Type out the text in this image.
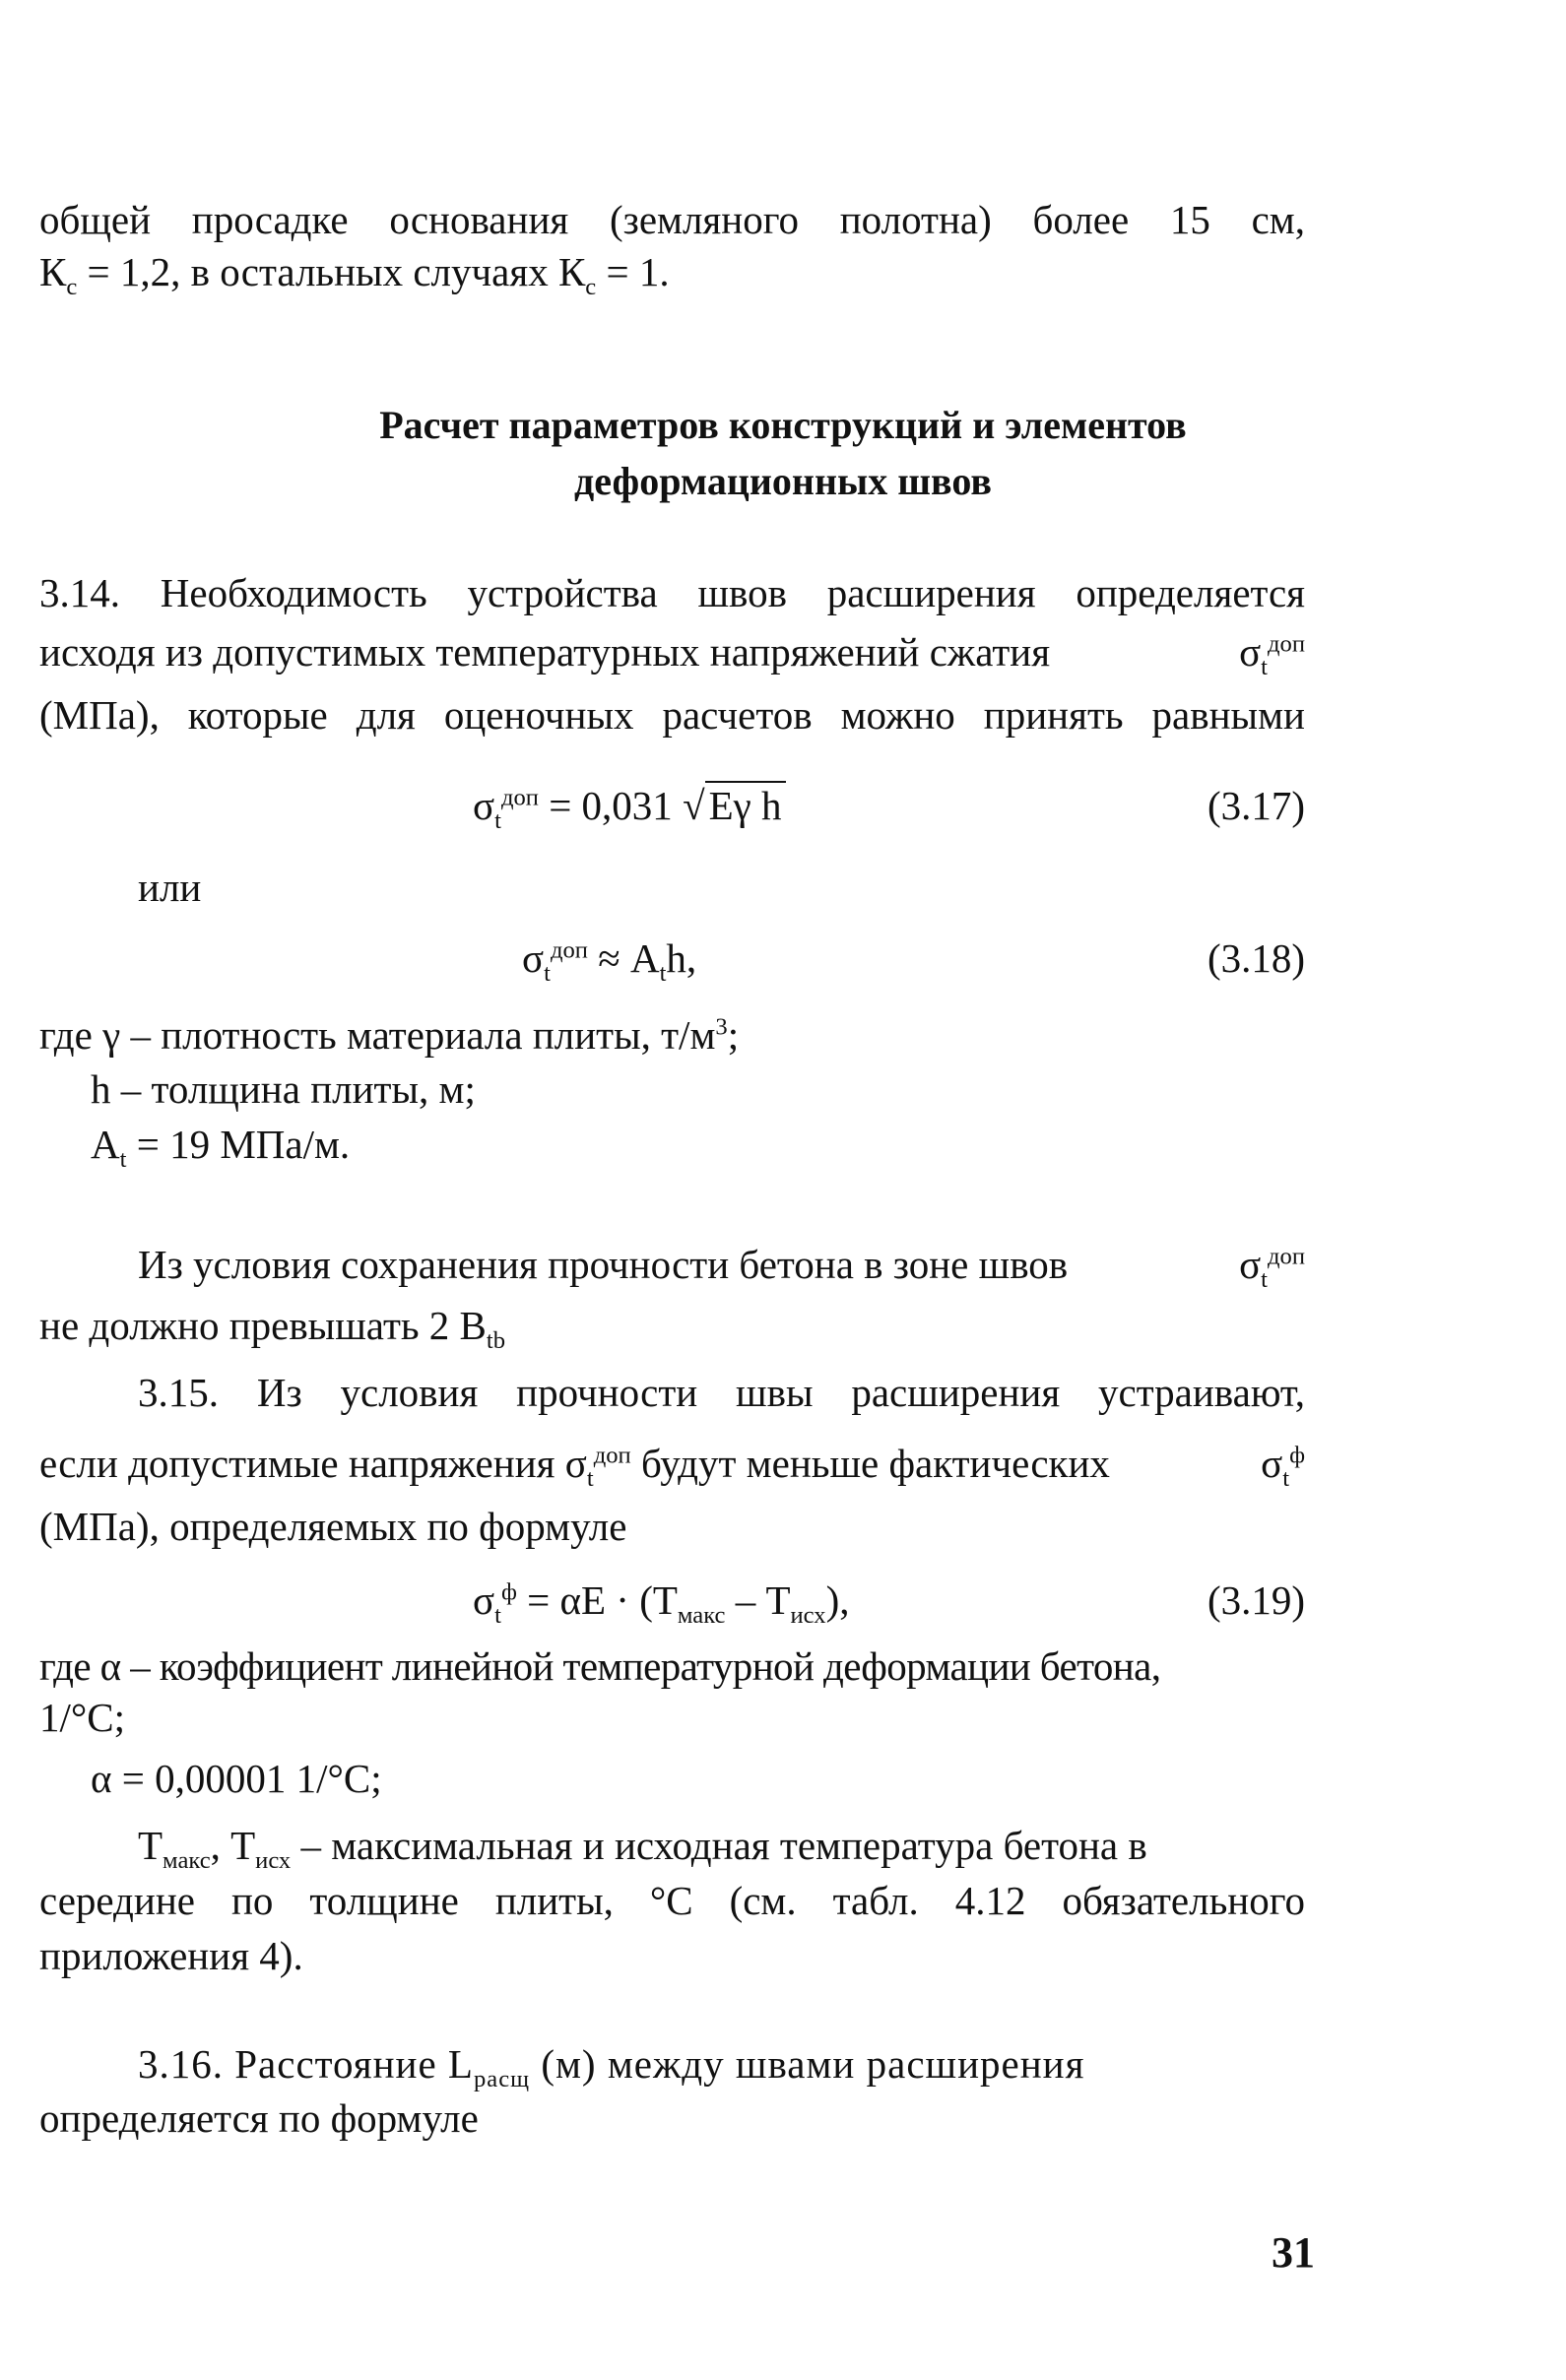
общей просадке основания (земляного полотна) более 15 см,
$К_с = 1,2$, в остальных случаях $К_с = 1$.
Расчет параметров конструкций и элементов
деформационных швов
3.14. Необходимость устройства швов расширения определяется
исходя из допустимых температурных напряжений сжатия	$\sigma_t^{доп}$
(МПа), которые для оценочных расчетов можно принять равными
$\sigma_t^{доп} = 0,031$ √Eγ h	(3.17)
или
$\sigma_t^{доп} \approx A_th$,	(3.18)
где γ – плотность материала плиты, $т/м^3$;
h – толщина плиты, м;
$А_t = 19$ МПа/м.
Из условия сохранения прочности бетона в зоне швов	$\sigma_t^{доп}$
не должно превышать 2 $В_{tb}$
3.15. Из условия прочности швы расширения устраивают,
если допустимые напряжения $\sigma_t^{доп}$ будут меньше фактических	$\sigma_t^ф$
(МПа), определяемых по формуле
$\sigma_t^ф = \alpha E \cdot (T_{макс} - T_{исх})$,	(3.19)
где α – коэффициент линейной температурной деформации бетона,
1/°С;
α = 0,00001 1/°С;
$Т_{макс}$, $Т_{исх}$ – максимальная и исходная температура бетона в
середине по толщине плиты, °С (см. табл. 4.12 обязательного
приложения 4).
3.16. Расстояние $L_{расщ}$ (м) между швами расширения
определяется по формуле
31
